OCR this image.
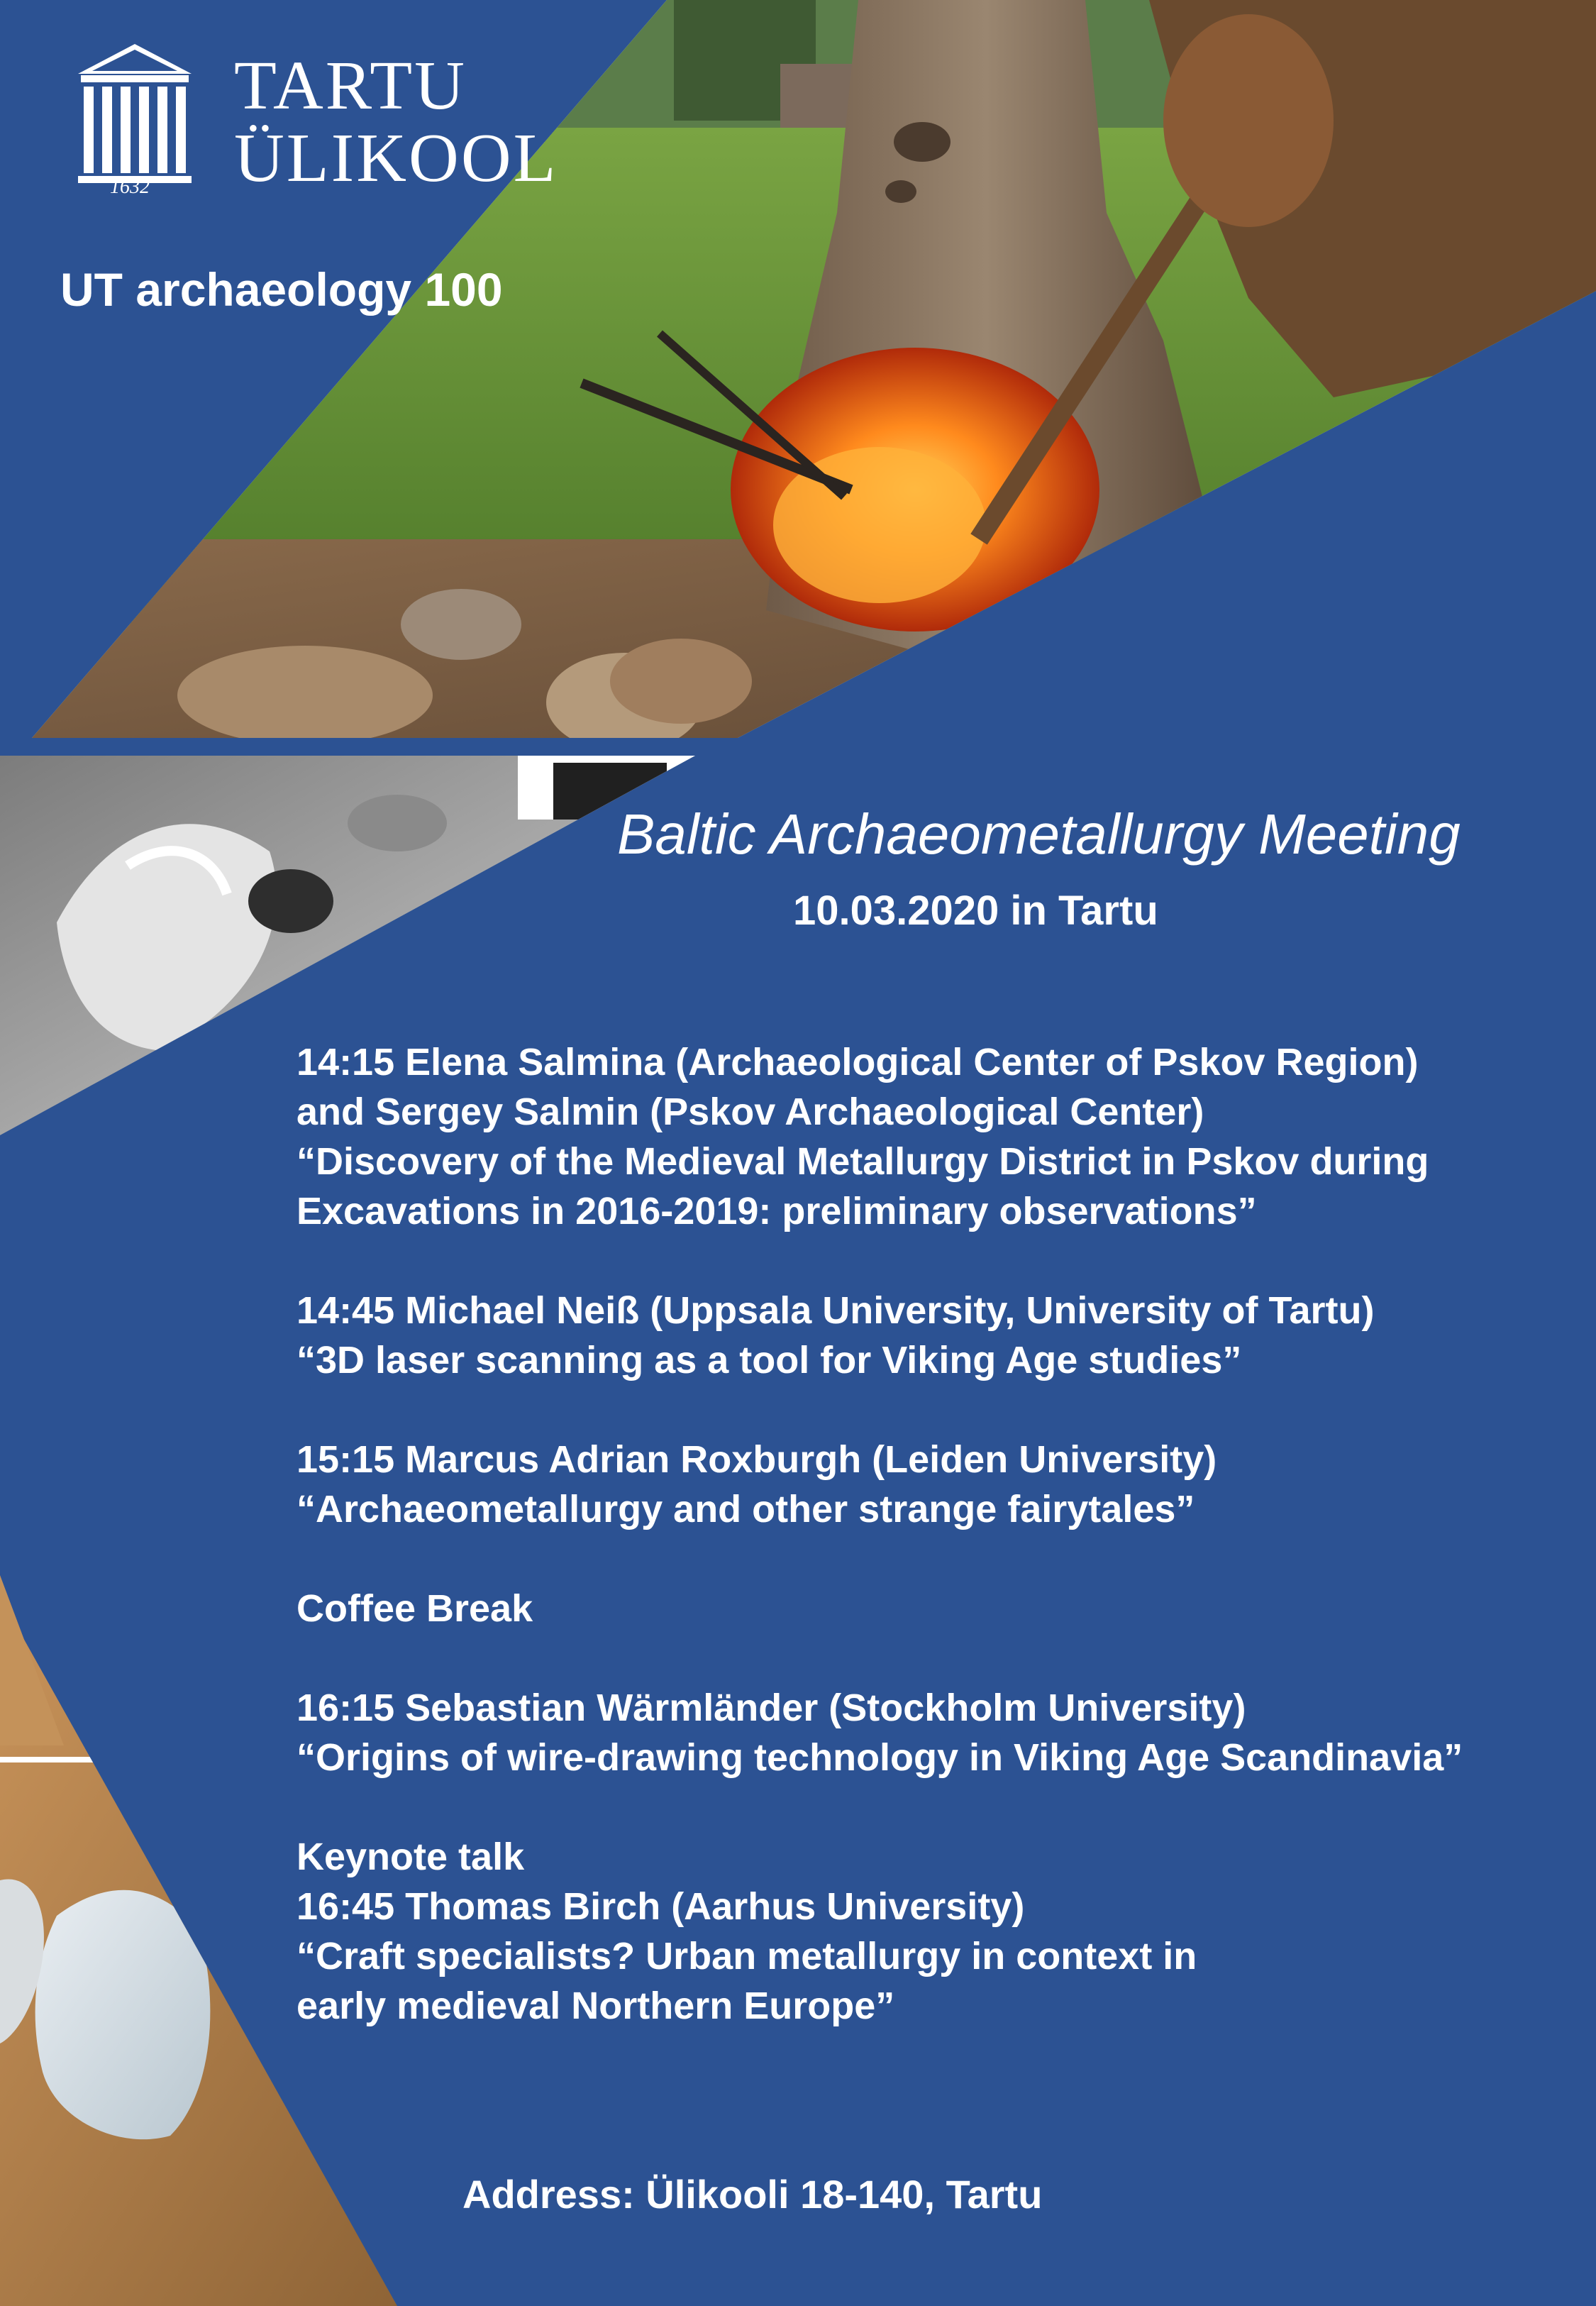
1632
TARTU
ÜLIKOOL
UT archaeology 100
Baltic Archaeometallurgy Meeting
10.03.2020 in Tartu
14:15 Elena Salmina (Archaeological Center of Pskov Region)
and Sergey Salmin (Pskov Archaeological Center)
“Discovery of the Medieval Metallurgy District in Pskov during
Excavations in 2016-2019: preliminary observations”
14:45 Michael Neiß (Uppsala University, University of Tartu)
“3D laser scanning as a tool for Viking Age studies”
15:15 Marcus Adrian Roxburgh (Leiden University)
“Archaeometallurgy and other strange fairytales”
Coffee Break
16:15 Sebastian Wärmländer (Stockholm University)
“Origins of wire-drawing technology in Viking Age Scandinavia”
Keynote talk
16:45 Thomas Birch (Aarhus University)
“Craft specialists? Urban metallurgy in context in
early medieval Northern Europe”
Address: Ülikooli 18-140, Tartu
